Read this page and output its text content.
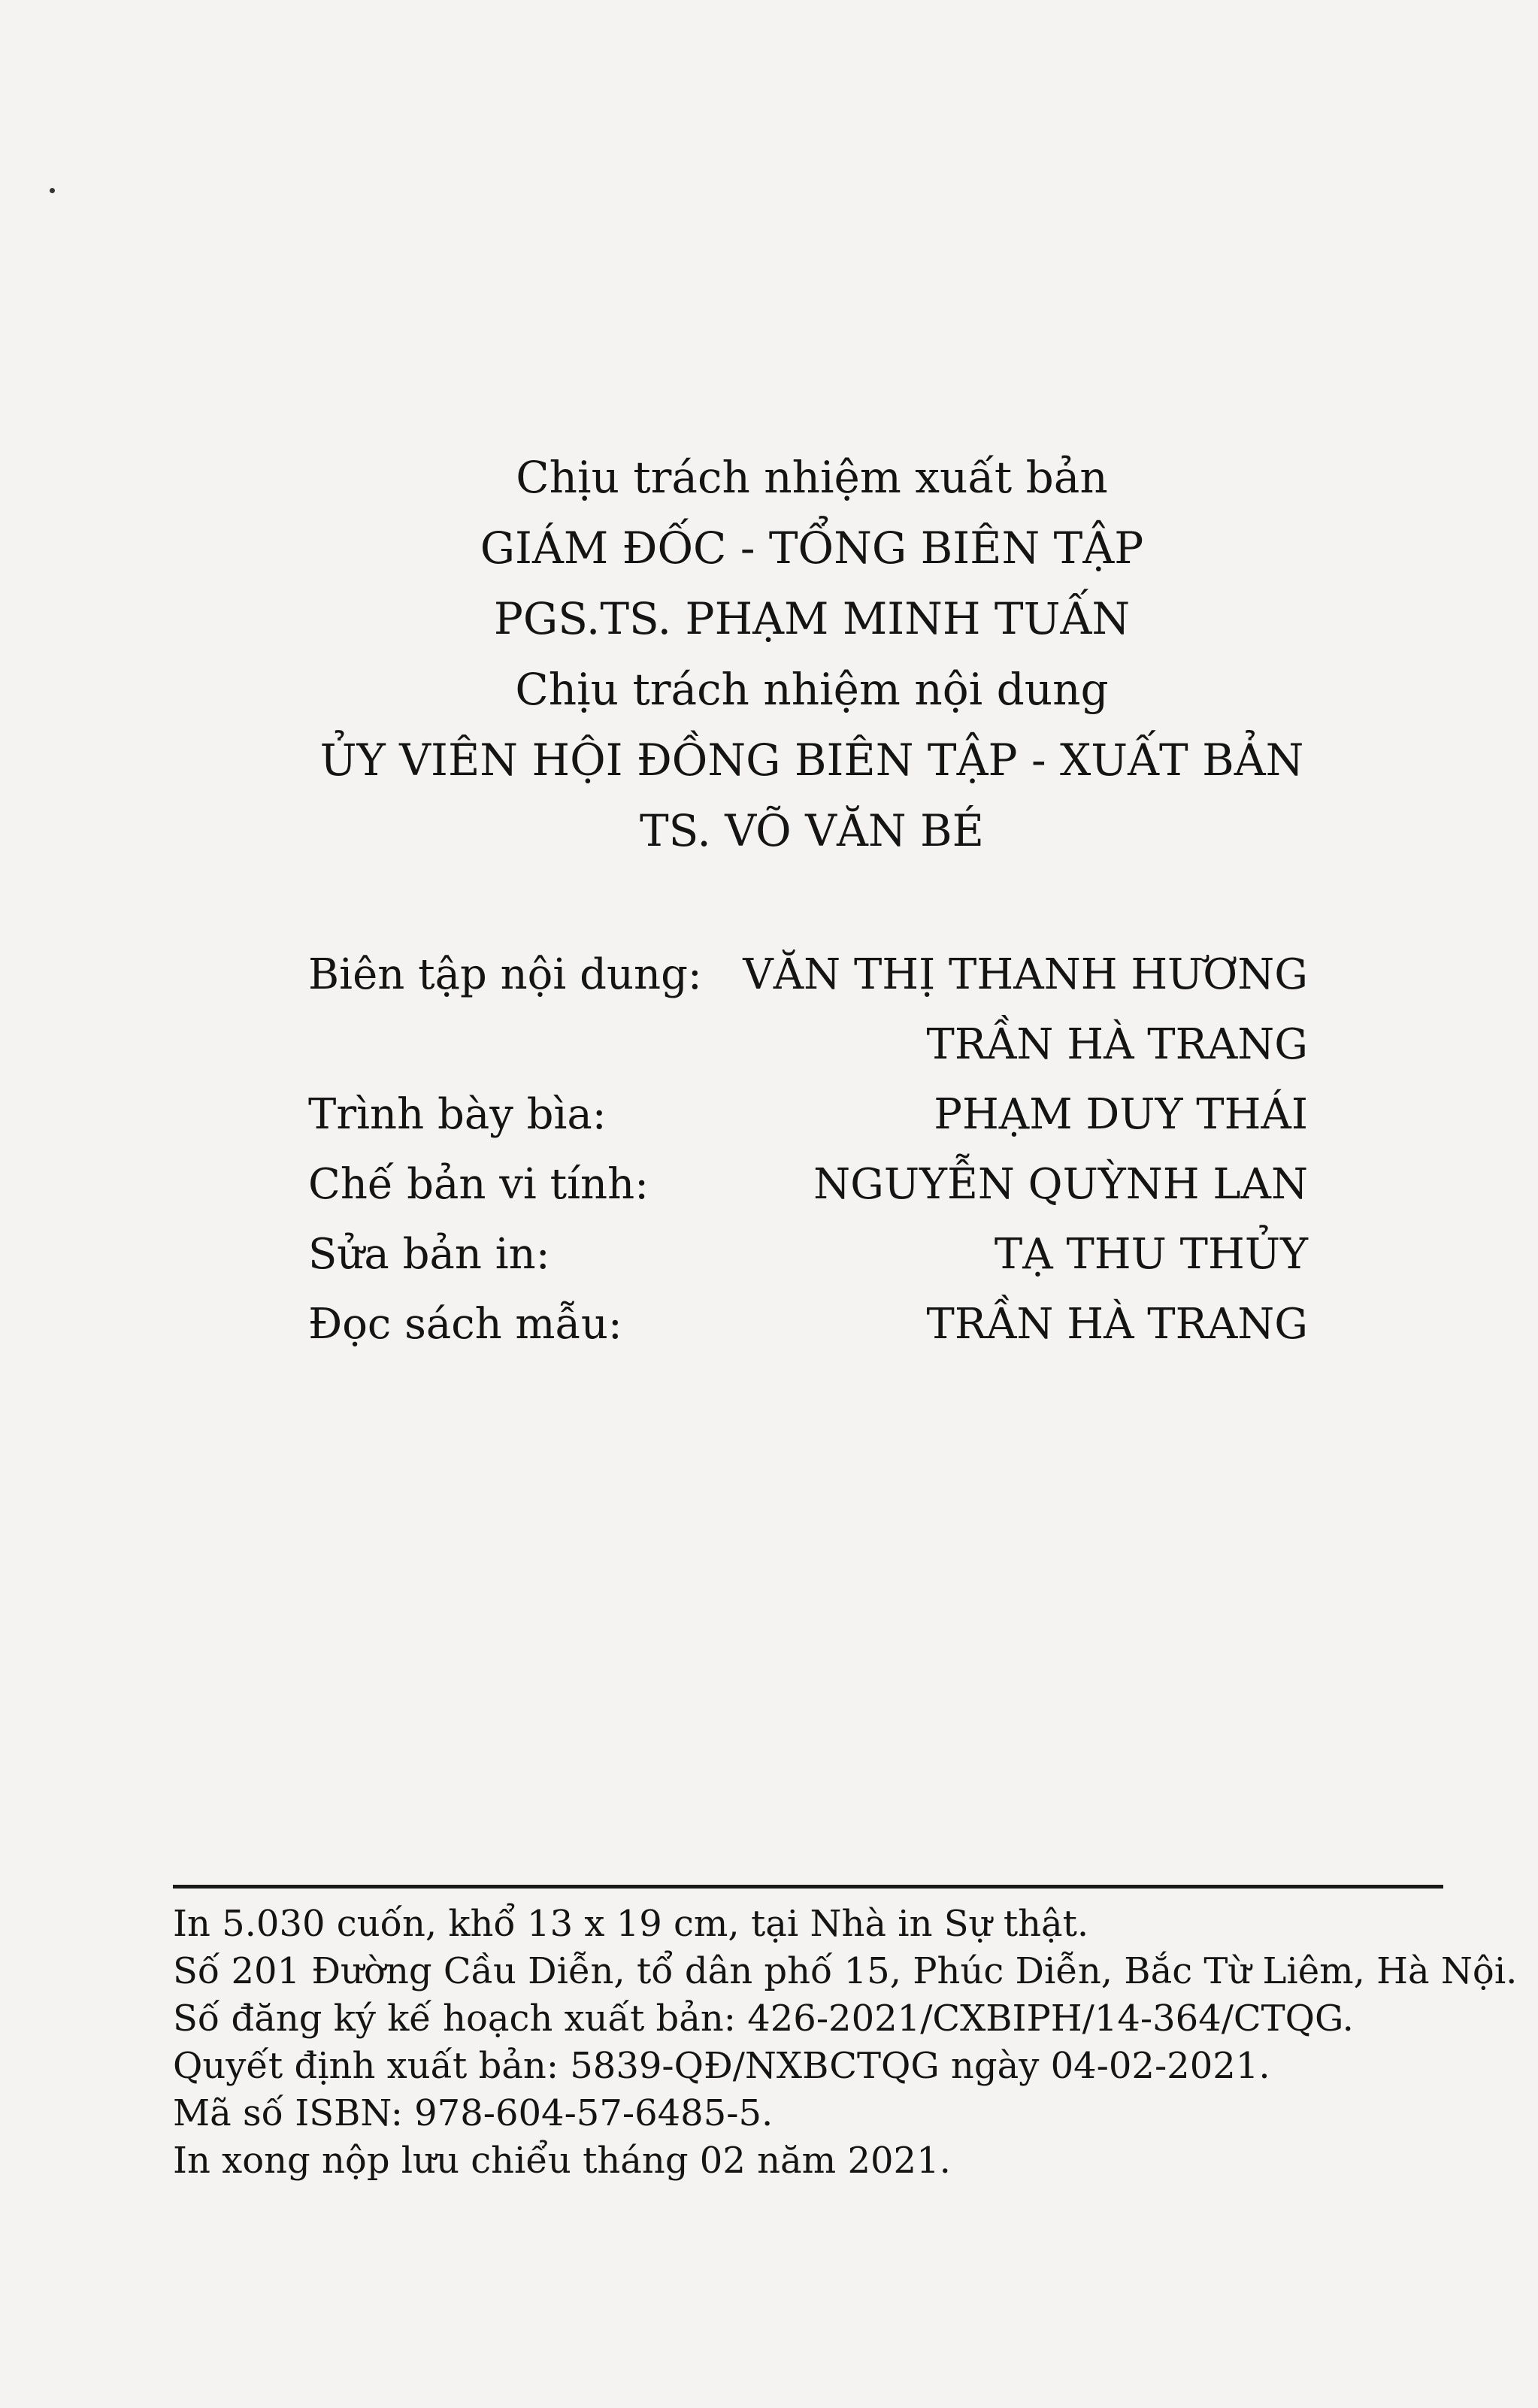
Chịu trách nhiệm xuất bản

GIÁM ĐỐC - TỔNG BIÊN TẬP

PGS.TS. PHẠM MINH TUẤN

Chịu trách nhiệm nội dung

ỦY VIÊN HỘI ĐỒNG BIÊN TẬP - XUẤT BẢN

TS. VÕ VĂN BÉ

Biên tập nội dung: VĂN THỊ THANH HƯƠNG
TRẦN HÀ TRANG
Trình bày bìa:	PHẠM DUY THÁI
Chế bản vi tính:	NGUYỄN QUỲNH LAN
Sửa bản in:	TẠ THU THỦY
Đọc sách mẫu:	TRẦN HÀ TRANG

In 5.030 cuốn, khổ 13 x 19 cm, tại Nhà in Sự thật.

Số 201 Đường Cầu Diễn, tổ dân phố 15, Phúc Diễn, Bắc Từ Liêm, Hà Nội.

Số đăng ký kế hoạch xuất bản: 426-2021/CXBIPH/14-364/CTQG.

Quyết định xuất bản: 5839-QĐ/NXBCTQG ngày 04-02-2021.

Mã số ISBN: 978-604-57-6485-5.

In xong nộp lưu chiểu tháng 02 năm 2021.
